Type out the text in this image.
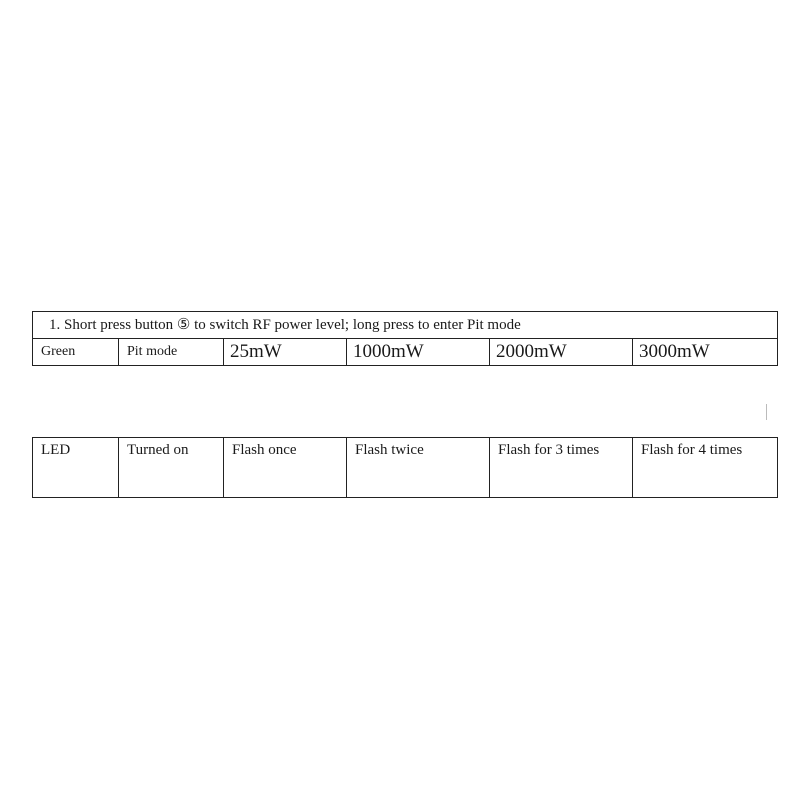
1. Short press button ⑤ to switch RF power level; long press to enter Pit mode
Green	Pit mode	25mW	1000mW	2000mW	3000mW
LED	Turned on	Flash once	Flash twice	Flash for 3 times	Flash for 4 times
